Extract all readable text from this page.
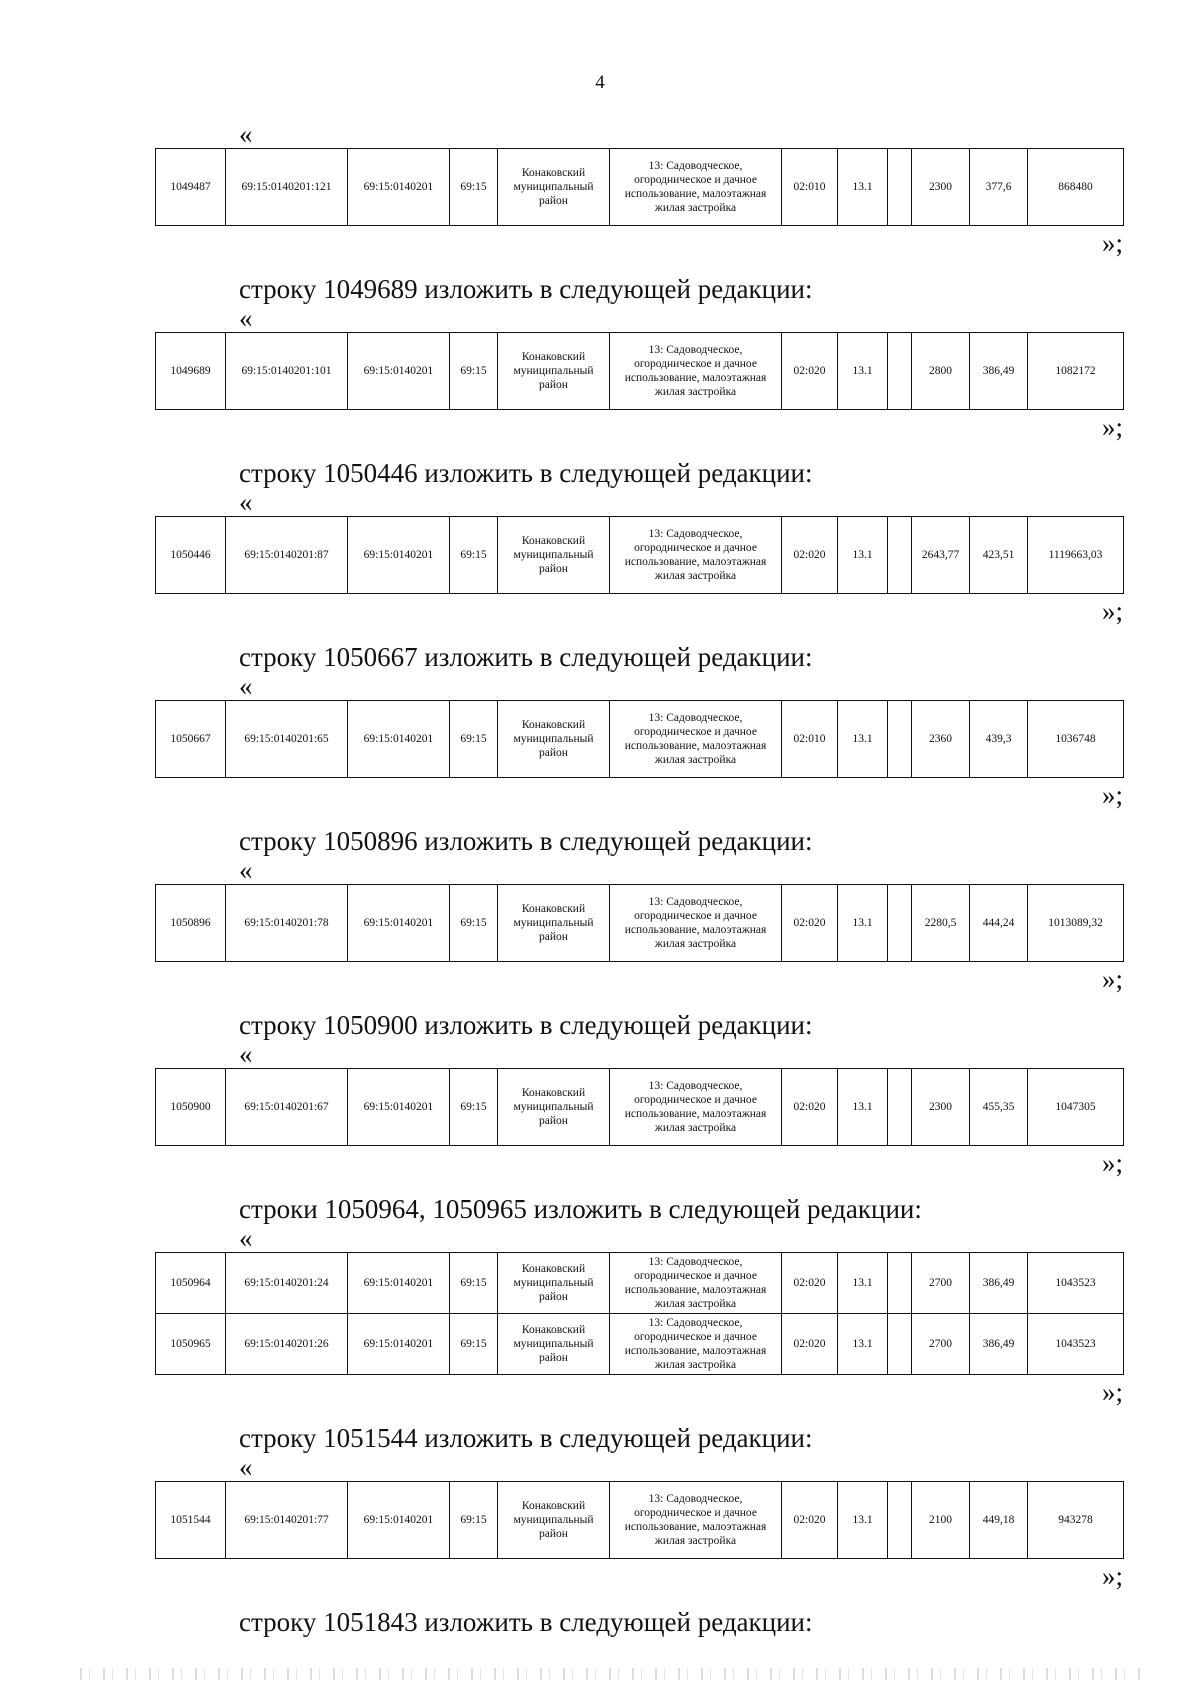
4
«
1049487	69:15:0140201:121	69:15:0140201	69:15	Конаковский муниципальный район	13: Садоводческое, огородническое и дачное использование, малоэтажная жилая застройка	02:010	13.1		2300	377,6	868480
»;
строку 1049689 изложить в следующей редакции:
«
1049689	69:15:0140201:101	69:15:0140201	69:15	Конаковский муниципальный район	13: Садоводческое, огородническое и дачное использование, малоэтажная жилая застройка	02:020	13.1		2800	386,49	1082172
»;
строку 1050446 изложить в следующей редакции:
«
1050446	69:15:0140201:87	69:15:0140201	69:15	Конаковский муниципальный район	13: Садоводческое, огородническое и дачное использование, малоэтажная жилая застройка	02:020	13.1		2643,77	423,51	1119663,03
»;
строку 1050667 изложить в следующей редакции:
«
1050667	69:15:0140201:65	69:15:0140201	69:15	Конаковский муниципальный район	13: Садоводческое, огородническое и дачное использование, малоэтажная жилая застройка	02:010	13.1		2360	439,3	1036748
»;
строку 1050896 изложить в следующей редакции:
«
1050896	69:15:0140201:78	69:15:0140201	69:15	Конаковский муниципальный район	13: Садоводческое, огородническое и дачное использование, малоэтажная жилая застройка	02:020	13.1		2280,5	444,24	1013089,32
»;
строку 1050900 изложить в следующей редакции:
«
1050900	69:15:0140201:67	69:15:0140201	69:15	Конаковский муниципальный район	13: Садоводческое, огородническое и дачное использование, малоэтажная жилая застройка	02:020	13.1		2300	455,35	1047305
»;
строки 1050964, 1050965 изложить в следующей редакции:
«
1050964	69:15:0140201:24	69:15:0140201	69:15	Конаковский муниципальный район	13: Садоводческое, огородническое и дачное использование, малоэтажная жилая застройка	02:020	13.1		2700	386,49	1043523
1050965	69:15:0140201:26	69:15:0140201	69:15	Конаковский муниципальный район	13: Садоводческое, огородническое и дачное использование, малоэтажная жилая застройка	02:020	13.1		2700	386,49	1043523
»;
строку 1051544 изложить в следующей редакции:
«
1051544	69:15:0140201:77	69:15:0140201	69:15	Конаковский муниципальный район	13: Садоводческое, огородническое и дачное использование, малоэтажная жилая застройка	02:020	13.1		2100	449,18	943278
»;
строку 1051843 изложить в следующей редакции:
